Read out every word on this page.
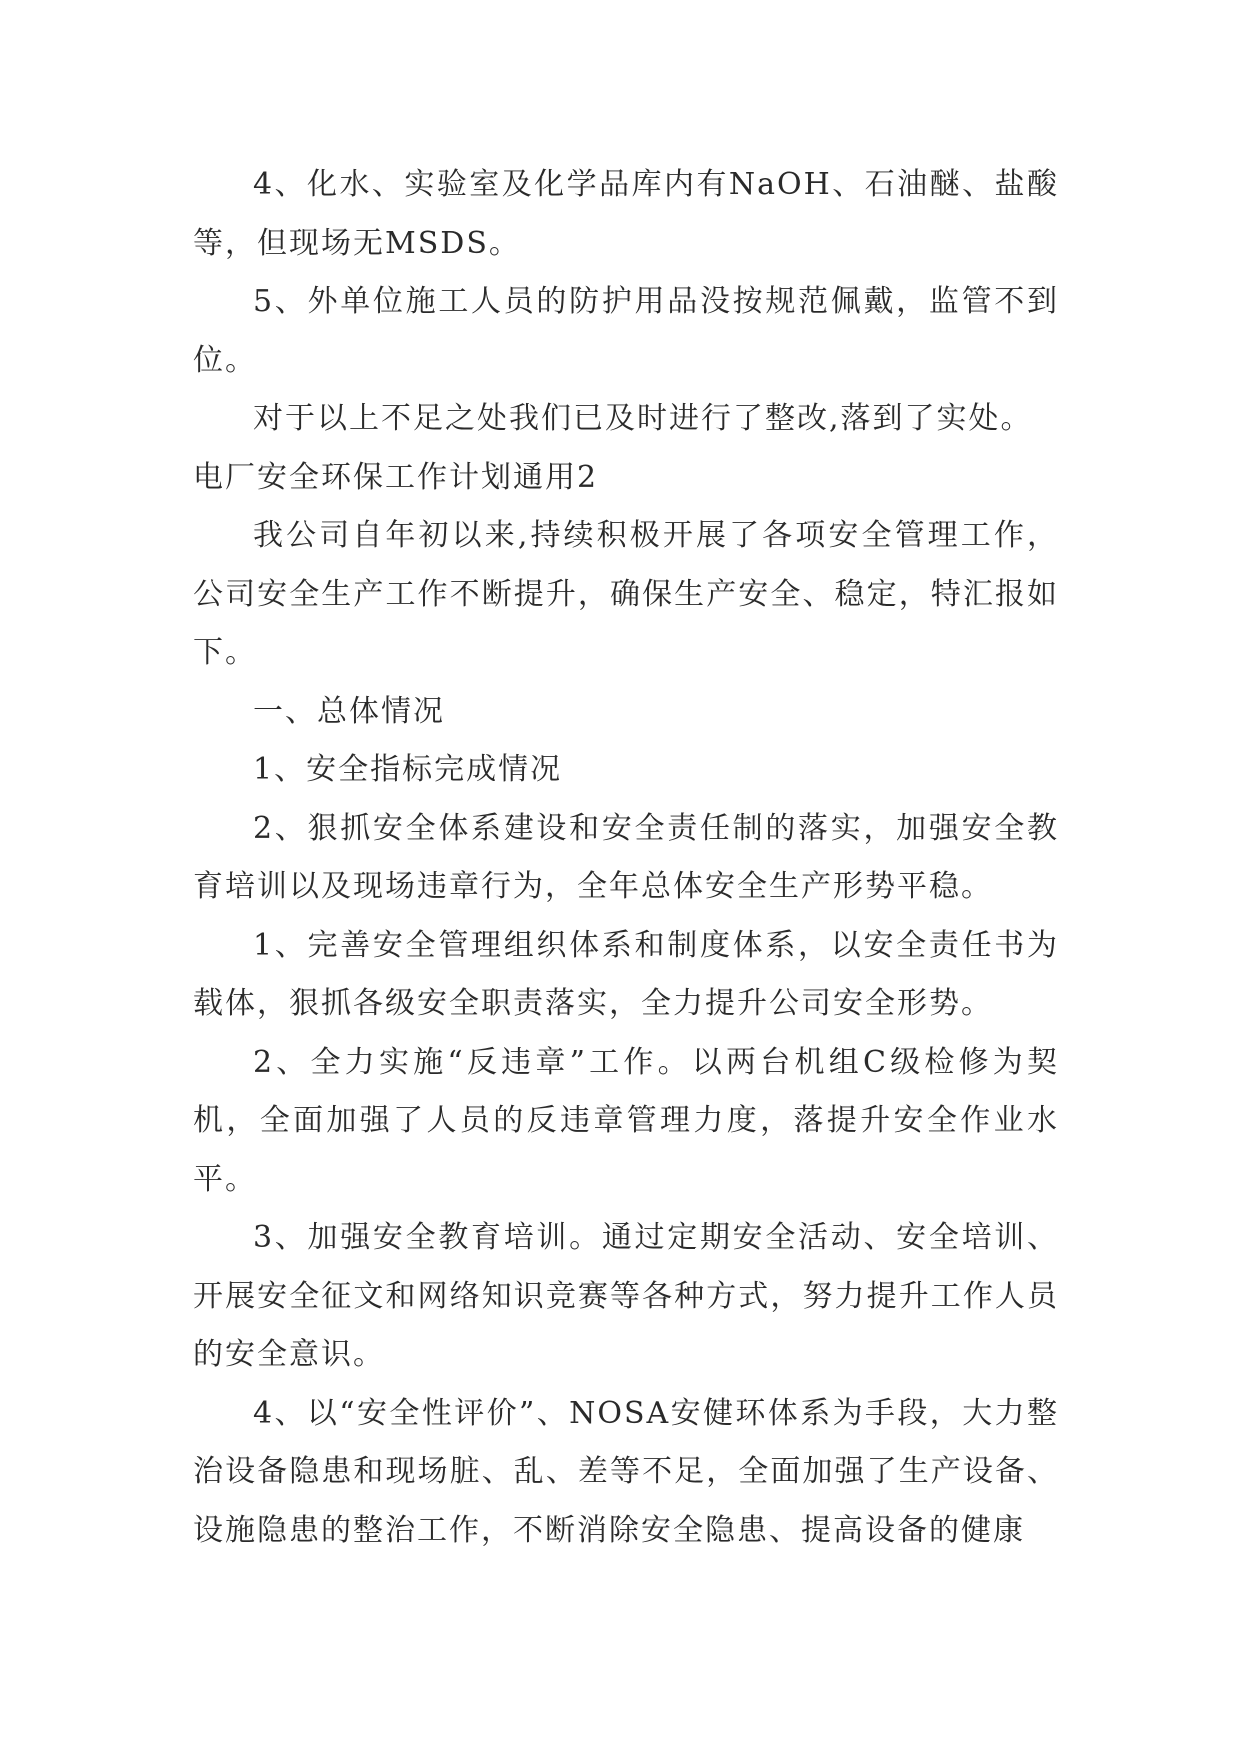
4、化水、实验室及化学品库内有NaOH、石油醚、盐酸等，但现场无MSDS。

5、外单位施工人员的防护用品没按规范佩戴，监管不到位。

对于以上不足之处我们已及时进行了整改,落到了实处。

电厂安全环保工作计划通用2

我公司自年初以来,持续积极开展了各项安全管理工作，公司安全生产工作不断提升，确保生产安全、稳定，特汇报如下。

一、总体情况

1、安全指标完成情况

2、狠抓安全体系建设和安全责任制的落实，加强安全教育培训以及现场违章行为，全年总体安全生产形势平稳。

1、完善安全管理组织体系和制度体系，以安全责任书为载体，狠抓各级安全职责落实，全力提升公司安全形势。

2、全力实施“反违章”工作。以两台机组C级检修为契机，全面加强了人员的反违章管理力度，落提升安全作业水平。

3、加强安全教育培训。通过定期安全活动、安全培训、开展安全征文和网络知识竞赛等各种方式，努力提升工作人员的安全意识。

4、以“安全性评价”、NOSA安健环体系为手段，大力整治设备隐患和现场脏、乱、差等不足，全面加强了生产设备、设施隐患的整治工作，不断消除安全隐患、提高设备的健康
